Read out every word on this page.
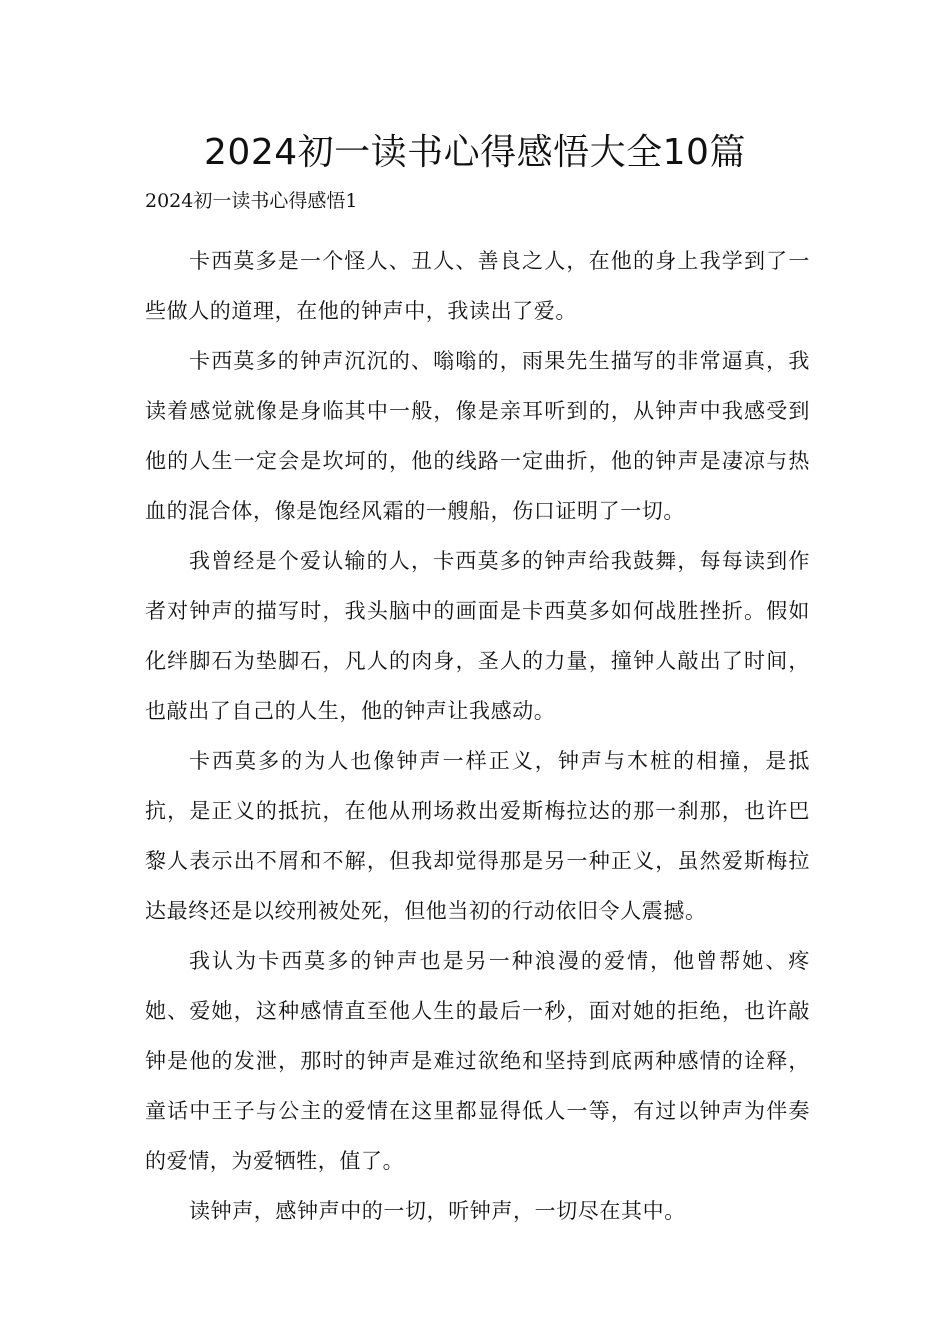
2024初一读书心得感悟大全10篇

2024初一读书心得感悟1

卡西莫多是一个怪人、丑人、善良之人，在他的身上我学到了一些做人的道理，在他的钟声中，我读出了爱。

卡西莫多的钟声沉沉的、嗡嗡的，雨果先生描写的非常逼真，我读着感觉就像是身临其中一般，像是亲耳听到的，从钟声中我感受到他的人生一定会是坎坷的，他的线路一定曲折，他的钟声是凄凉与热血的混合体，像是饱经风霜的一艘船，伤口证明了一切。

我曾经是个爱认输的人，卡西莫多的钟声给我鼓舞，每每读到作者对钟声的描写时，我头脑中的画面是卡西莫多如何战胜挫折。假如化绊脚石为垫脚石，凡人的肉身，圣人的力量，撞钟人敲出了时间，也敲出了自己的人生，他的钟声让我感动。

卡西莫多的为人也像钟声一样正义，钟声与木桩的相撞，是抵抗，是正义的抵抗，在他从刑场救出爱斯梅拉达的那一刹那，也许巴黎人表示出不屑和不解，但我却觉得那是另一种正义，虽然爱斯梅拉达最终还是以绞刑被处死，但他当初的行动依旧令人震撼。

我认为卡西莫多的钟声也是另一种浪漫的爱情，他曾帮她、疼她、爱她，这种感情直至他人生的最后一秒，面对她的拒绝，也许敲钟是他的发泄，那时的钟声是难过欲绝和坚持到底两种感情的诠释，童话中王子与公主的爱情在这里都显得低人一等，有过以钟声为伴奏的爱情，为爱牺牲，值了。

读钟声，感钟声中的一切，听钟声，一切尽在其中。
